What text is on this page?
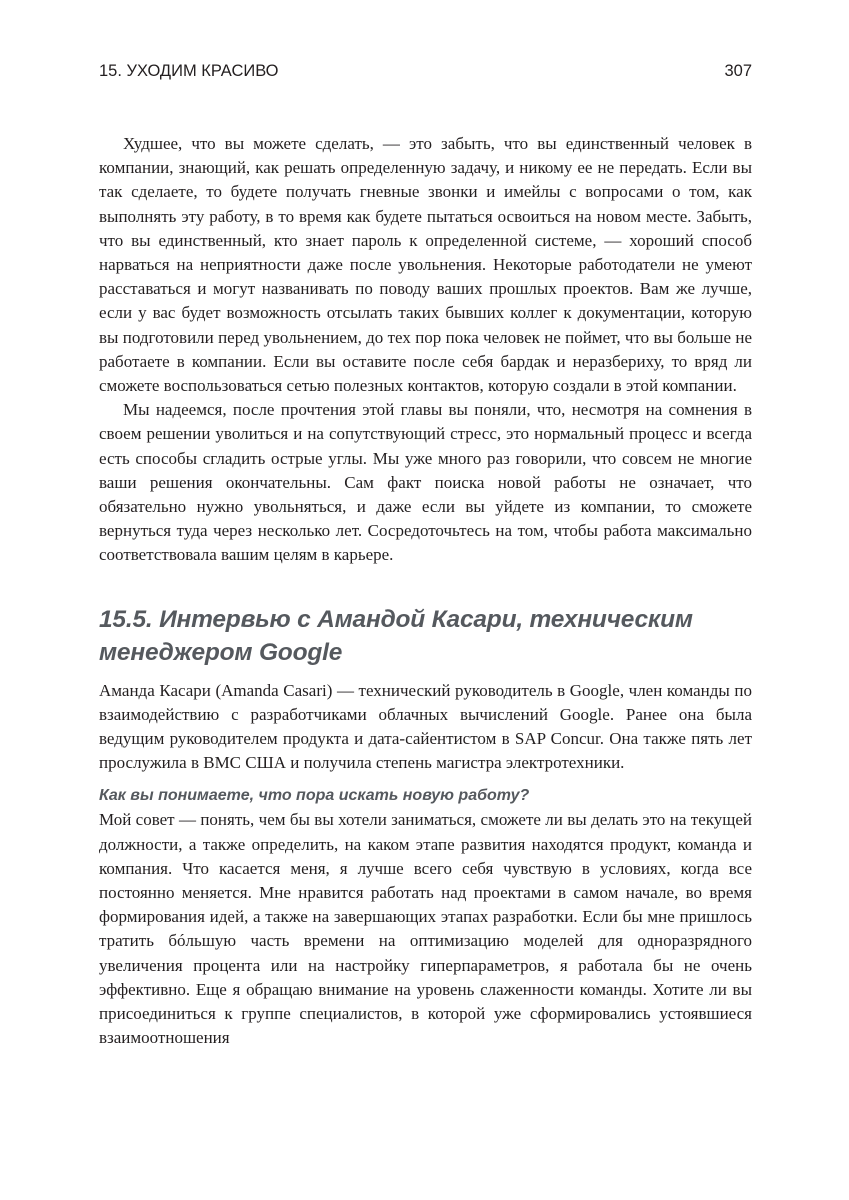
15. УХОДИМ КРАСИВО	307

Худшее, что вы можете сделать, — это забыть, что вы единственный человек в компании, знающий, как решать определенную задачу, и никому ее не передать. Если вы так сделаете, то будете получать гневные звонки и имейлы с вопросами о том, как выполнять эту работу, в то время как будете пытаться освоиться на новом месте. Забыть, что вы единственный, кто знает пароль к определенной системе, — хороший способ нарваться на неприятности даже после увольнения. Некоторые работодатели не умеют расставаться и могут названивать по поводу ваших прошлых проектов. Вам же лучше, если у вас будет возможность отсылать таких бывших коллег к документации, которую вы подготовили перед увольнением, до тех пор пока человек не поймет, что вы больше не работаете в компании. Если вы оставите после себя бардак и неразбериху, то вряд ли сможете воспользоваться сетью полезных контактов, которую создали в этой компании.

Мы надеемся, после прочтения этой главы вы поняли, что, несмотря на сомнения в своем решении уволиться и на сопутствующий стресс, это нормальный процесс и всегда есть способы сгладить острые углы. Мы уже много раз говорили, что совсем не многие ваши решения окончательны. Сам факт поиска новой работы не означает, что обязательно нужно увольняться, и даже если вы уйдете из компании, то сможете вернуться туда через несколько лет. Сосредоточьтесь на том, чтобы работа максимально соответствовала вашим целям в карьере.

15.5. Интервью с Амандой Касари, техническим менеджером Google

Аманда Касари (Amanda Casari) — технический руководитель в Google, член команды по взаимодействию с разработчиками облачных вычислений Google. Ранее она была ведущим руководителем продукта и дата-сайентистом в SAP Concur. Она также пять лет прослужила в ВМС США и получила степень магистра электротехники.

Как вы понимаете, что пора искать новую работу?

Мой совет — понять, чем бы вы хотели заниматься, сможете ли вы делать это на текущей должности, а также определить, на каком этапе развития находятся продукт, команда и компания. Что касается меня, я лучше всего себя чувствую в условиях, когда все постоянно меняется. Мне нравится работать над проектами в самом начале, во время формирования идей, а также на завершающих этапах разработки. Если бы мне пришлось тратить бóльшую часть времени на оптимизацию моделей для одноразрядного увеличения процента или на настройку гиперпараметров, я работала бы не очень эффективно. Еще я обращаю внимание на уровень слаженности команды. Хотите ли вы присоединиться к группе специалистов, в которой уже сформировались устоявшиеся взаимоотношения
